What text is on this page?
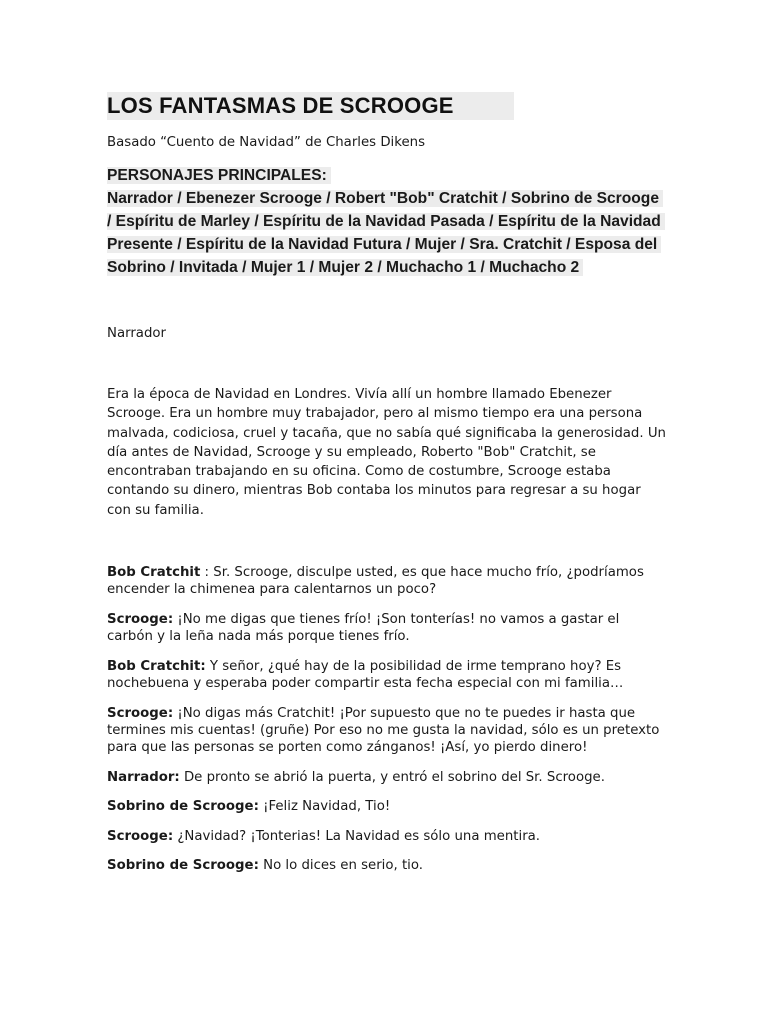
LOS FANTASMAS DE SCROOGE
Basado “Cuento de Navidad” de Charles Dikens
PERSONAJES PRINCIPALES:
Narrador / Ebenezer Scrooge / Robert "Bob" Cratchit / Sobrino de Scrooge / Espíritu de Marley / Espíritu de la Navidad Pasada / Espíritu de la Navidad Presente / Espíritu de la Navidad Futura / Mujer / Sra. Cratchit / Esposa del Sobrino / Invitada / Mujer 1 / Mujer 2 / Muchacho 1 / Muchacho 2
Narrador
Era la época de Navidad en Londres. Vivía allí un hombre llamado Ebenezer Scrooge. Era un hombre muy trabajador, pero al mismo tiempo era una persona malvada, codiciosa, cruel y tacaña, que no sabía qué significaba la generosidad. Un día antes de Navidad, Scrooge y su empleado, Roberto "Bob" Cratchit, se encontraban trabajando en su oficina. Como de costumbre, Scrooge estaba contando su dinero, mientras Bob contaba los minutos para regresar a su hogar con su familia.
Bob Cratchit : Sr. Scrooge, disculpe usted, es que hace mucho frío, ¿podríamos encender la chimenea para calentarnos un poco?
Scrooge: ¡No me digas que tienes frío! ¡Son tonterías! no vamos a gastar el carbón y la leña nada más porque tienes frío.
Bob Cratchit: Y señor, ¿qué hay de la posibilidad de irme temprano hoy? Es nochebuena y esperaba poder compartir esta fecha especial con mi familia…
Scrooge: ¡No digas más Cratchit! ¡Por supuesto que no te puedes ir hasta que termines mis cuentas! (gruñe) Por eso no me gusta la navidad, sólo es un pretexto para que las personas se porten como zánganos! ¡Así, yo pierdo dinero!
Narrador: De pronto se abrió la puerta, y entró el sobrino del Sr. Scrooge.
Sobrino de Scrooge: ¡Feliz Navidad, Tio!
Scrooge: ¿Navidad? ¡Tonterias! La Navidad es sólo una mentira.
Sobrino de Scrooge: No lo dices en serio, tio.
